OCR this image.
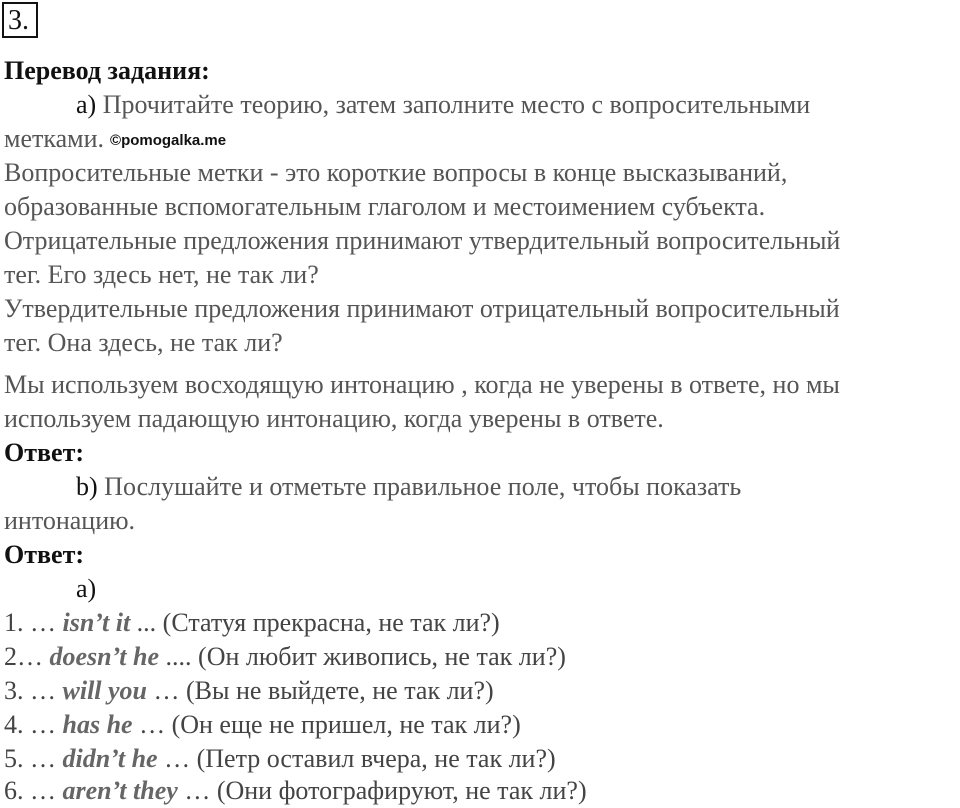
3.
Перевод задания:
a) Прочитайте теорию, затем заполните место с вопросительными
метками. ©pomogalka.me
Вопросительные метки - это короткие вопросы в конце высказываний,
образованные вспомогательным глаголом и местоимением субъекта.
Отрицательные предложения принимают утвердительный вопросительный
тег. Его здесь нет, не так ли?
Утвердительные предложения принимают отрицательный вопросительный
тег. Она здесь, не так ли?
Мы используем восходящую интонацию , когда не уверены в ответе, но мы
используем падающую интонацию, когда уверены в ответе.
Ответ:
b) Послушайте и отметьте правильное поле, чтобы показать
интонацию.
Ответ:
a)
1. … isn’t it ... (Статуя прекрасна, не так ли?)
2… doesn’t he .... (Он любит живопись, не так ли?)
3. … will you … (Вы не выйдете, не так ли?)
4. … has he … (Он еще не пришел, не так ли?)
5. … didn’t he … (Петр оставил вчера, не так ли?)
6. … aren’t they … (Они фотографируют, не так ли?)
